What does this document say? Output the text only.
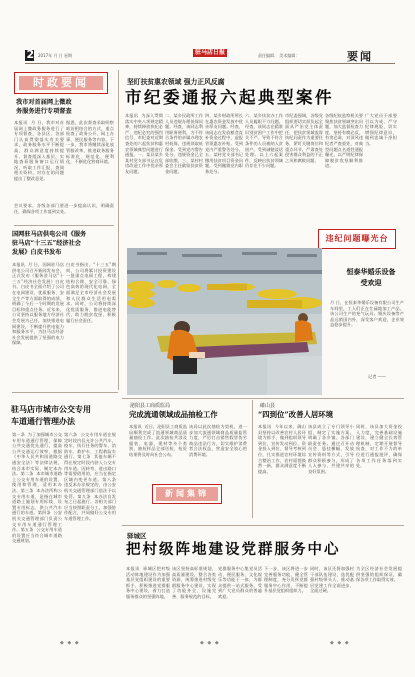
2 2017年 月 日 星期	驻马店日报	责任编辑： 美术编辑：	要闻
时政要闻
我市对首届网上微政
务服务进行专项督查
本报讯  月 日，我市对首届网上微政务服务进行了专项督查，各县区、各部门认真贯彻落实有关要求，政务服务水平不断提高，群众满意度持续提升。督查组深入基层，实地查看服务窗口运行情况，听取工作汇报，查阅相关资料，对存在的问题提出了整改意见。
据悉，此次督查采取明察暗访相结合的方式，重点检查了政务公开、网上办事、便民服务等内容。下一步，我市将继续深化放管服改革，推进政务服务标准化、规范化、便利化，不断优化营商环境。
会议要求，各级各部门要进一步提高认识，明确责任，确保各项工作落到实处。
国网驻马店供电公司《服务
驻马店“十三五”经济社会
发展》白皮书发布
本报讯  月 日，国网驻马店供电公司召开新闻发布会，正式发布《服务驻马店“十三五”经济社会发展》白皮书。白皮书全面介绍了公司在电网建设、优质服务、安全生产等方面取得的成绩，明确了今后一个时期的发展目标和重点任务。近年来，公司坚持以服务地方经济社会发展为己任，加快推进电网建设，不断提升供电能力和服务水平，为驻马店经济社会发展提供了坚强的电力保障。
白皮书指出，“十三五”期间，公司将累计投资建设一批重点电网工程，构建结构合理、安全可靠、绿色高效的现代化电网，全面满足全市经济社会发展和人民群众生活用电需求。同时，公司将持续深化优质服务，推进电能替代，助力脱贫攻坚，积极履行社会责任。
坚盯扶贫惠农领域 强力正风反腐
市纪委通报六起典型案件
本报讯  为深入贯彻落实中央八项规定精神，持续释放执纪必严、违纪必究的强烈信号，市纪委对近期查处的六起扶贫和惠农领域典型问题进行通报。一、某县某乡某村党支部书记在危房改造工作中优亲厚友问题。
二、某乡民政所工作人员违规办理低保问题。经查，该同志利用职务便利，为不符合条件的亲属办理农村低保，违规领取低保金。受到党内警告处分，违规资金已全部收缴。三、某村村委会主任截留扶贫资金问题。
四、某乡财政所所长在惠农资金发放中优亲厚友问题。经查，该同志在发放粮食直补资金过程中，虚报冒领惠农补贴。受到党内严重警告处分。五、某村党支部书记挪用扶贫项目资金问题。受到撤销党内职务处分。
六、某乡扶贫办工作人员履职不力问题。经查，该同志在精准识别贫困户工作中把关不严，导致不符合条件的人员被纳入贫困户。受到诫勉谈话处理。以上六起案件，反映出扶贫领域仍存在不少问题。
市纪委强调，各级党组织要切实担负起全面从严治党主体责任，把扶贫领域监督执纪问责作为重要任务，紧盯关键岗位和重点环节，严肃查处侵害群众利益的不正之风和腐败问题。
各级纪检监察机关要聚焦扶贫领域突出问题，加大监督检查力度，坚持有腐必反、有贪必肃，对顶风违纪者严查重处，对典型问题点名道姓通报曝光，以严明纪律保障脱贫攻坚顺利推进。
广大党员干部要引以为戒，严守纪律规矩，切实增强纪律意识，做到忠诚干净担当。
违纪问题曝光台
恒泰华婚乐设备
受欢迎
月 日，在恒泰华婚乐设备有限公司生产车间里，工人们正在忙碌地加工产品。该公司生产的充气玩具、婚庆设备等产品远销国内外，深受客户欢迎，企业效益稳步提升。
记者 ——
驻马店市城市公交专用
车道通行管理办法
第一条  为了加强城市公交专用车道通行管理，保障公共交通优先通行，提高公共交通运行效率，根据《中华人民共和国道路交通安全法》等法律法规，结合本市实际，制定本办法。第二条  本市城市道路上公交专用车道的设置、使用和管理，适用本办法。第三条  本办法所称公交专用车道，是指在城市道路上施划专用标线、设置专用标志，供公共汽车通行的车道。第四条  公安机关交通管理部门负责公交专用车道通行管理工作。第五条  公交专用车道的设置应当符合城市道路交通规划。
第六条  公交专用车道在规定时段内仅允许公共汽车、校车、执行任务的警车、消防车、救护车、工程救险车通行。第七条  其他车辆不得在规定时段内驶入公交专用车道。因转弯、进出路口等需要借用的，应当在指定区域内变更车道。第八条  违反本办法规定的，由公安机关交通管理部门依法予以处罚。第九条  本办法自发布之日起施行。各相关部门应当按照职责分工，加强协作配合，共同做好公交专用车道管理工作。
泌阳县工商质监局
完成流通领域成品抽检工作
本报讯  近日，泌阳县工商质监局顺利完成了流通领域商品质量抽检工作。此次抽检共涉及服装、电器、建材等多个类别，抽检样品全部送检，检验结果将及时向社会公布。
该局以此次抽检为契机，进一步加大流通领域商品质量监管力度，严厉打击销售假冒伪劣商品违法行为，切实维护消费者合法权益，营造安全放心的消费环境。
新闻集锦
確山县
“四到位”改善人居环境
本报讯  今年以来，确山县坚持以改善农村人居环境为抓手，做到组织领导到位、宣传发动到位、资金投入到位、督导考核到位，扎实推进农村环境综合整治工作，农村面貌焕然一新，群众满意度不断提高。
该县成立了专门领导小组，制定了实施方案，明确了各乡镇、各部门职责任务。通过召开动员会、悬挂横幅、发放宣传资料等方式，引导群众积极参与，形成了人人参与、共建共享的良好氛围。
同时，该县加大资金投入力度，完善基础设施建设，建立健全长效管理机制，定期开展督导检查，对工作不力的单位进行通报批评，确保各项工作任务落到实处。
驿城区
把村级阵地建设党群服务中心
本报讯  驿城区把村级活动阵地建设作为加强基层党组织建设的重要抓手，积极推进党群服务中心建设，着力打造服务群众的坚强阵地。
该区坚持高标准规划、高质量建设，整合各类资源，统筹推进村级党群服务中心建设，实现了功能齐全、设施完善、服务规范的目标。
党群服务中心集党员活动、便民服务、文化娱乐等功能于一体，为群众提供一站式服务，受到广大党员群众的普遍欢迎。
下一步，该区将进一步完善服务功能，健全管理制度，充分发挥党群服务中心作用，不断提升基层党组织组织力。
同时，该区还将加强村干部队伍建设，选优配强村级带头人，推动基层党建工作全面进步、全面过硬。
为全区经济社会发展提供坚强的组织保证，确保各项工作取得实效。
◆ ◆ ◆	◆ ◆ ◆	◆ ◆ ◆
